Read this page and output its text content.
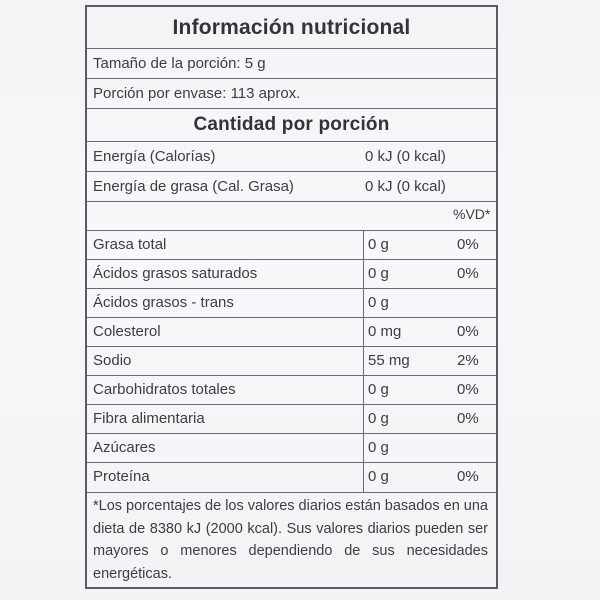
Información nutricional
Tamaño de la porción: 5 g
Porción por envase: 113 aprox.
Cantidad por porción
Energía (Calorías)	0 kJ (0 kcal)
Energía de grasa (Cal. Grasa)	0 kJ (0 kcal)
%VD*
Grasa total	0 g	0%
Ácidos grasos saturados	0 g	0%
Ácidos grasos - trans	0 g
Colesterol	0 mg	0%
Sodio	55 mg	2%
Carbohidratos totales	0 g	0%
Fibra alimentaria	0 g	0%
Azúcares	0 g
Proteína	0 g	0%
*Los porcentajes de los valores diarios están basados en una dieta de 8380 kJ (2000 kcal). Sus valores diarios pueden ser mayores o menores dependiendo de sus necesidades energéticas.
